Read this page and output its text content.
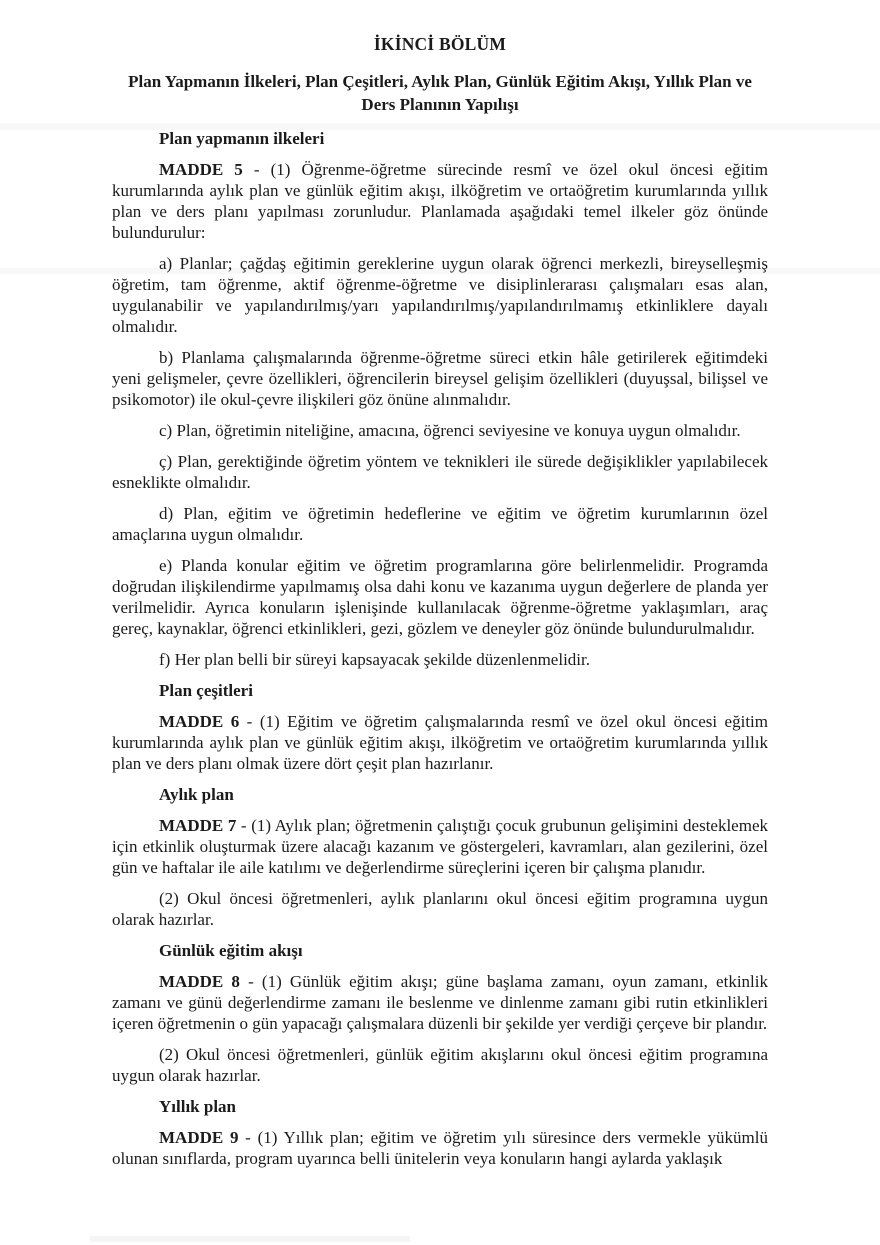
İKİNCİ BÖLÜM
Plan Yapmanın İlkeleri, Plan Çeşitleri, Aylık Plan, Günlük Eğitim Akışı, Yıllık Plan ve Ders Planının Yapılışı
Plan yapmanın ilkeleri

MADDE 5 - (1) Öğrenme-öğretme sürecinde resmî ve özel okul öncesi eğitim kurumlarında aylık plan ve günlük eğitim akışı, ilköğretim ve ortaöğretim kurumlarında yıllık plan ve ders planı yapılması zorunludur. Planlamada aşağıdaki temel ilkeler göz önünde bulundurulur:

a) Planlar; çağdaş eğitimin gereklerine uygun olarak öğrenci merkezli, bireyselleşmiş öğretim, tam öğrenme, aktif öğrenme-öğretme ve disiplinlerarası çalışmaları esas alan, uygulanabilir ve yapılandırılmış/yarı yapılandırılmış/yapılandırılmamış etkinliklere dayalı olmalıdır.

b) Planlama çalışmalarında öğrenme-öğretme süreci etkin hâle getirilerek eğitimdeki yeni gelişmeler, çevre özellikleri, öğrencilerin bireysel gelişim özellikleri (duyuşsal, bilişsel ve psikomotor) ile okul-çevre ilişkileri göz önüne alınmalıdır.

c) Plan, öğretimin niteliğine, amacına, öğrenci seviyesine ve konuya uygun olmalıdır.

ç) Plan, gerektiğinde öğretim yöntem ve teknikleri ile sürede değişiklikler yapılabilecek esneklikte olmalıdır.

d) Plan, eğitim ve öğretimin hedeflerine ve eğitim ve öğretim kurumlarının özel amaçlarına uygun olmalıdır.

e) Planda konular eğitim ve öğretim programlarına göre belirlenmelidir. Programda doğrudan ilişkilendirme yapılmamış olsa dahi konu ve kazanıma uygun değerlere de planda yer verilmelidir. Ayrıca konuların işlenişinde kullanılacak öğrenme-öğretme yaklaşımları, araç gereç, kaynaklar, öğrenci etkinlikleri, gezi, gözlem ve deneyler göz önünde bulundurulmalıdır.

f) Her plan belli bir süreyi kapsayacak şekilde düzenlenmelidir.

Plan çeşitleri

MADDE 6 - (1) Eğitim ve öğretim çalışmalarında resmî ve özel okul öncesi eğitim kurumlarında aylık plan ve günlük eğitim akışı, ilköğretim ve ortaöğretim kurumlarında yıllık plan ve ders planı olmak üzere dört çeşit plan hazırlanır.

Aylık plan

MADDE 7 - (1) Aylık plan; öğretmenin çalıştığı çocuk grubunun gelişimini desteklemek için etkinlik oluşturmak üzere alacağı kazanım ve göstergeleri, kavramları, alan gezilerini, özel gün ve haftalar ile aile katılımı ve değerlendirme süreçlerini içeren bir çalışma planıdır.

(2) Okul öncesi öğretmenleri, aylık planlarını okul öncesi eğitim programına uygun olarak hazırlar.

Günlük eğitim akışı

MADDE 8 - (1) Günlük eğitim akışı; güne başlama zamanı, oyun zamanı, etkinlik zamanı ve günü değerlendirme zamanı ile beslenme ve dinlenme zamanı gibi rutin etkinlikleri içeren öğretmenin o gün yapacağı çalışmalara düzenli bir şekilde yer verdiği çerçeve bir plandır.

(2) Okul öncesi öğretmenleri, günlük eğitim akışlarını okul öncesi eğitim programına uygun olarak hazırlar.

Yıllık plan

MADDE 9 - (1) Yıllık plan; eğitim ve öğretim yılı süresince ders vermekle yükümlü olunan sınıflarda, program uyarınca belli ünitelerin veya konuların hangi aylarda yaklaşık
